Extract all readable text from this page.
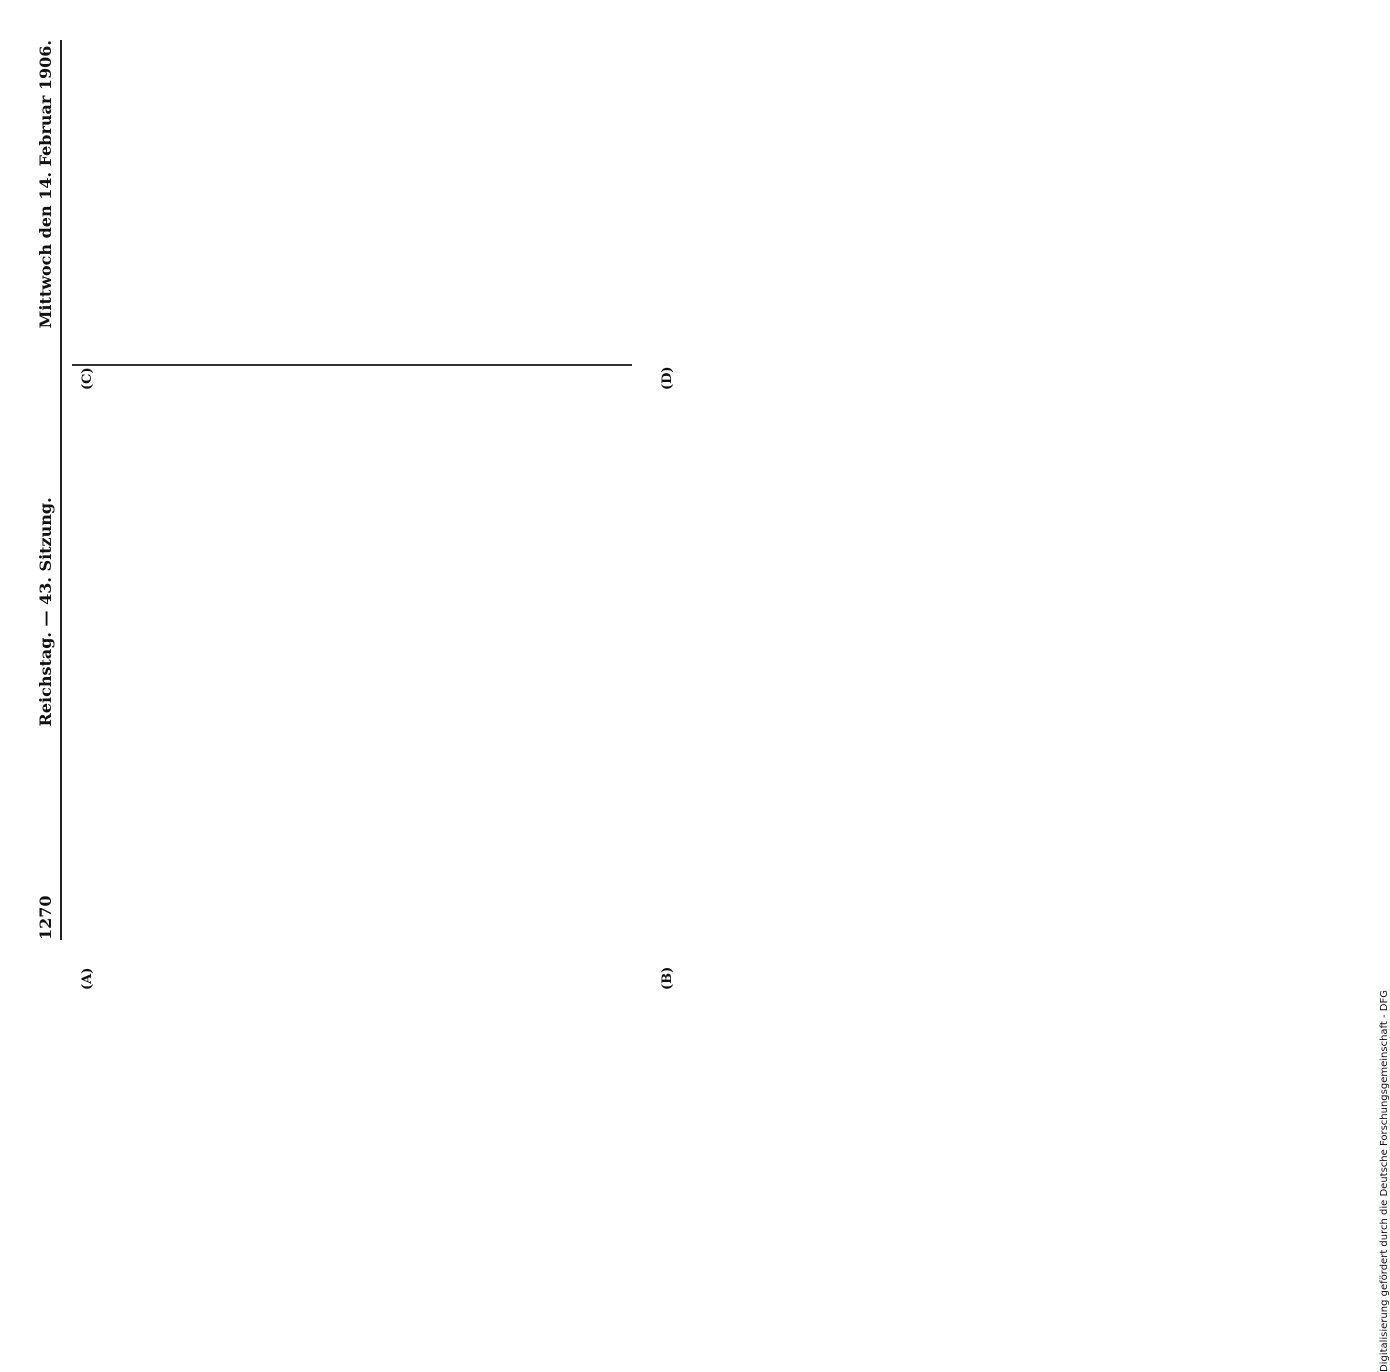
1270
Reichstag. — 43. Sitzung.
Mittwoch den 14. Februar 1906.
(A)	(B)
(C)	(D)
Digitalisierung gefördert durch die Deutsche Forschungsgemeinschaft - DFG
